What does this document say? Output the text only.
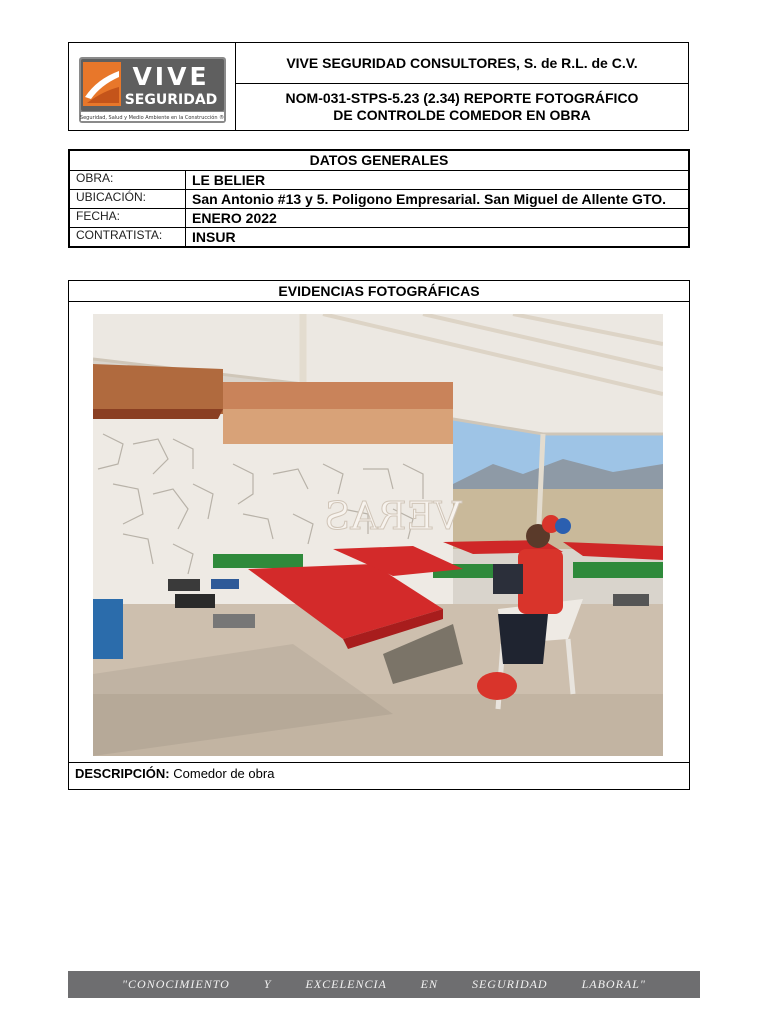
VIVE
SEGURIDAD
Seguridad, Salud y Medio Ambiente en la Construcción ®
VIVE SEGURIDAD CONSULTORES, S. de R.L. de C.V.
NOM-031-STPS-5.23 (2.34) REPORTE FOTOGRÁFICO
DE CONTROLDE COMEDOR EN OBRA
DATOS GENERALES	
OBRA:	LE BELIER
UBICACIÓN:	San Antonio #13 y 5. Poligono Empresarial. San Miguel de Allente GTO.
FECHA:	ENERO 2022
CONTRATISTA:	INSUR
EVIDENCIAS FOTOGRÁFICAS
VERAS
DESCRIPCIÓN: Comedor de obra
"CONOCIMIENTO Y EXCELENCIA EN SEGURIDAD LABORAL"
